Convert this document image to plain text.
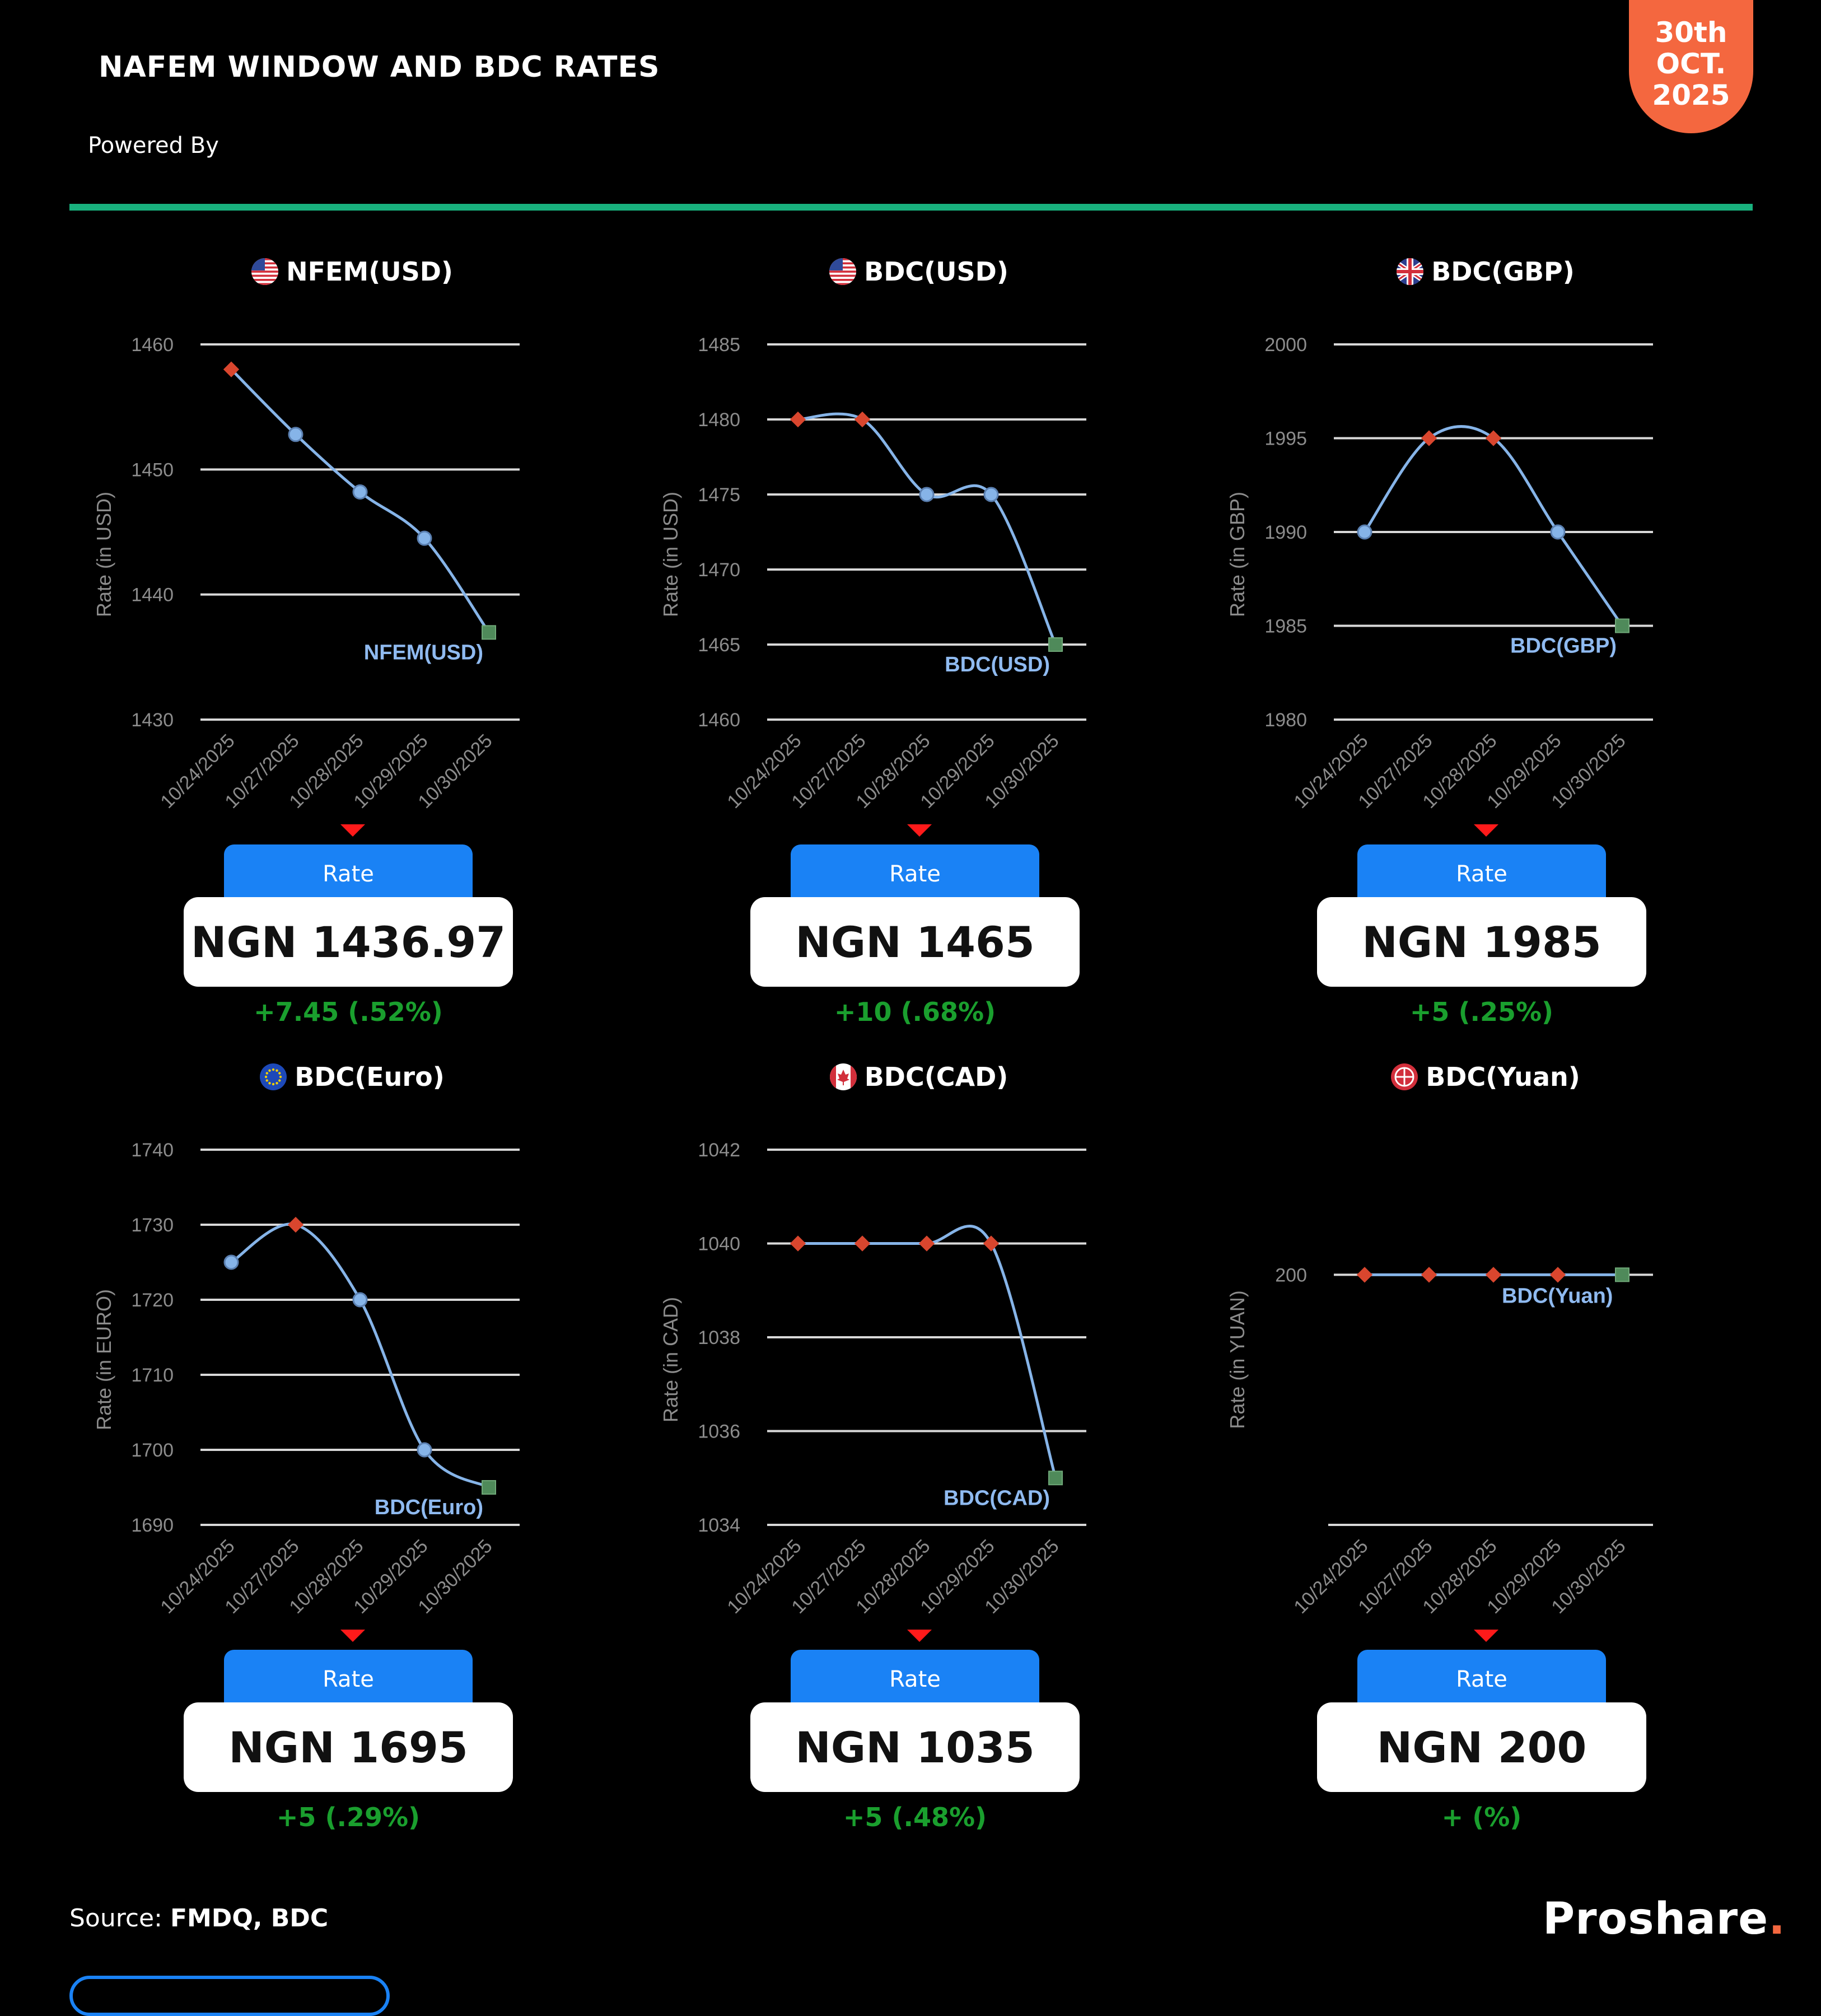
NAFEM WINDOW AND BDC RATES
Powered By
30th
OCT.
2025
NFEM(USD)
1430
1440
1450
1460
Rate (in USD)
10/24/2025
10/27/2025
10/28/2025
10/29/2025
10/30/2025
NFEM(USD)
Rate
NGN 1436.97
+7.45 (.52%)
BDC(USD)
1460
1465
1470
1475
1480
1485
Rate (in USD)
10/24/2025
10/27/2025
10/28/2025
10/29/2025
10/30/2025
BDC(USD)
Rate
NGN 1465
+10 (.68%)
BDC(GBP)
1980
1985
1990
1995
2000
Rate (in GBP)
10/24/2025
10/27/2025
10/28/2025
10/29/2025
10/30/2025
BDC(GBP)
Rate
NGN 1985
+5 (.25%)
BDC(Euro)
1690
1700
1710
1720
1730
1740
Rate (in EURO)
10/24/2025
10/27/2025
10/28/2025
10/29/2025
10/30/2025
BDC(Euro)
Rate
NGN 1695
+5 (.29%)
BDC(CAD)
1034
1036
1038
1040
1042
Rate (in CAD)
10/24/2025
10/27/2025
10/28/2025
10/29/2025
10/30/2025
BDC(CAD)
Rate
NGN 1035
+5 (.48%)
BDC(Yuan)
200
Rate (in YUAN)
10/24/2025
10/27/2025
10/28/2025
10/29/2025
10/30/2025
BDC(Yuan)
Rate
NGN 200
+ (%)
Source: FMDQ, BDC	Proshare.
